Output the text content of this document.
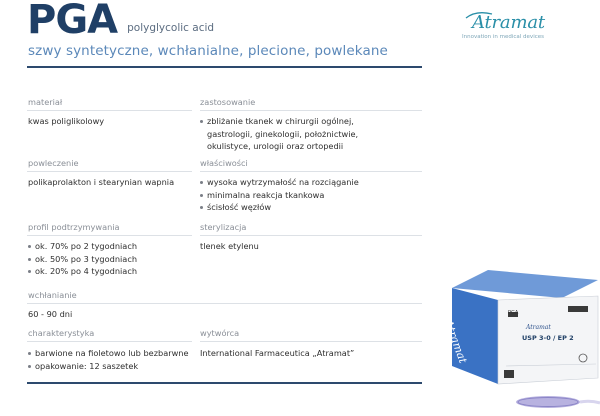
PGA polyglycolic acid
szwy syntetyczne, wchłanialne, plecione, powlekane
Atramat
Innovation in medical devices
materiał	zastosowanie
kwas poliglikolowy	zbliżanie tkanek w chirurgii ogólnej,
gastrologii, ginekologii, położnictwie,
okulistyce, urologii oraz ortopedii
powleczenie	właściwości
polikaprolakton i stearynian wapnia	wysoka wytrzymałość na rozciąganie
minimalna reakcja tkankowa
ścisłość węzłów
profil podtrzymywania	sterylizacja
ok. 70% po 2 tygodniach
ok. 50% po 3 tygodniach
ok. 20% po 4 tygodniach
tlenek etylenu
wchłanianie
60 - 90 dni
charakterystyka	wytwórca
barwione na fioletowo lub bezbarwne
opakowanie: 12 saszetek
International Farmaceutica „Atramat”	Atramat
PGA
Atramat
USP 3-0 / EP 2
